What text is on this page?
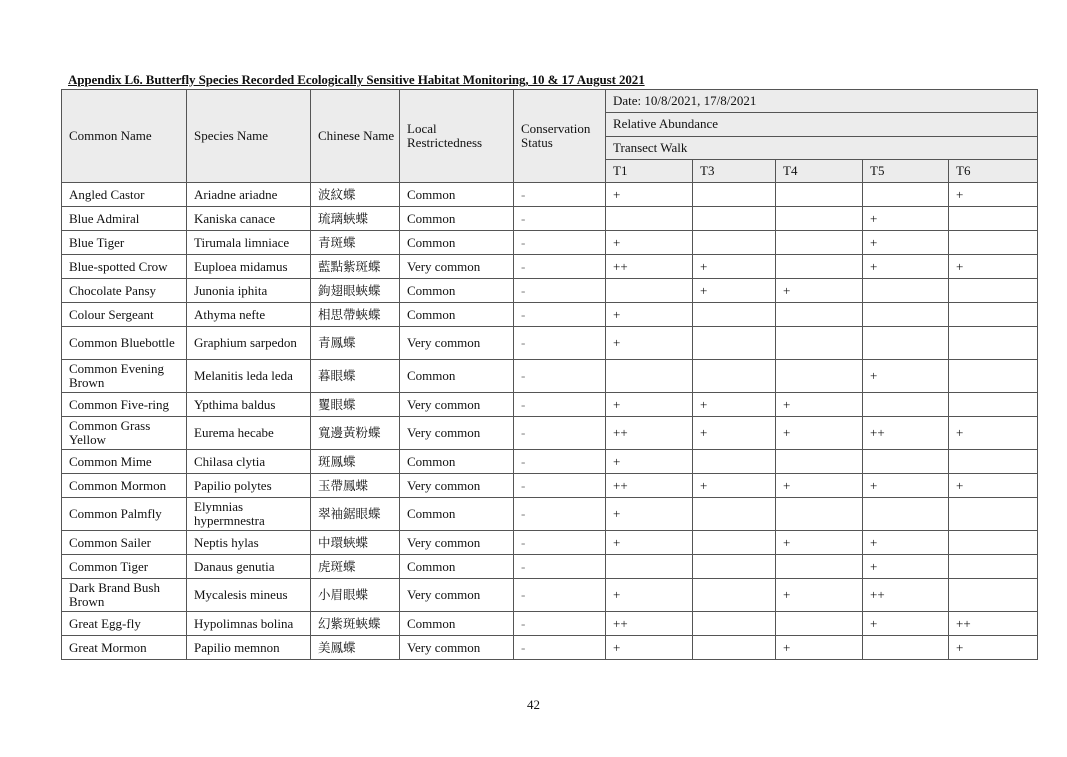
Appendix L6. Butterfly Species Recorded Ecologically Sensitive Habitat Monitoring, 10 & 17 August 2021
Common Name	Species Name	Chinese Name	Local Restrictedness	Conservation Status	Date: 10/8/2021, 17/8/2021				
					Relative Abundance				
					Transect Walk				
					T1	T3	T4	T5	T6
Angled Castor	Ariadne ariadne	波紋蝶	Common	-	+				+
Blue Admiral	Kaniska canace	琉璃蛺蝶	Common	-				+	
Blue Tiger	Tirumala limniace	青斑蝶	Common	-	+			+	
Blue-spotted Crow	Euploea midamus	藍點紫斑蝶	Very common	-	++	+		+	+
Chocolate Pansy	Junonia iphita	鉤翅眼蛺蝶	Common	-		+	+		
Colour Sergeant	Athyma nefte	相思帶蛺蝶	Common	-	+				
Common Bluebottle	Graphium sarpedon	青鳳蝶	Very common	-	+				
Common Evening Brown	Melanitis leda leda	暮眼蝶	Common	-				+	
Common Five-ring	Ypthima baldus	矍眼蝶	Very common	-	+	+	+		
Common Grass Yellow	Eurema hecabe	寬邊黃粉蝶	Very common	-	++	+	+	++	+
Common Mime	Chilasa clytia	斑鳳蝶	Common	-	+				
Common Mormon	Papilio polytes	玉帶鳳蝶	Very common	-	++	+	+	+	+
Common Palmfly	Elymnias hypermnestra	翠袖鋸眼蝶	Common	-	+				
Common Sailer	Neptis hylas	中環蛺蝶	Very common	-	+		+	+	
Common Tiger	Danaus genutia	虎斑蝶	Common	-				+	
Dark Brand Bush Brown	Mycalesis mineus	小眉眼蝶	Very common	-	+		+	++	
Great Egg-fly	Hypolimnas bolina	幻紫斑蛺蝶	Common	-	++			+	++
Great Mormon	Papilio memnon	美鳳蝶	Very common	-	+		+		+
42
